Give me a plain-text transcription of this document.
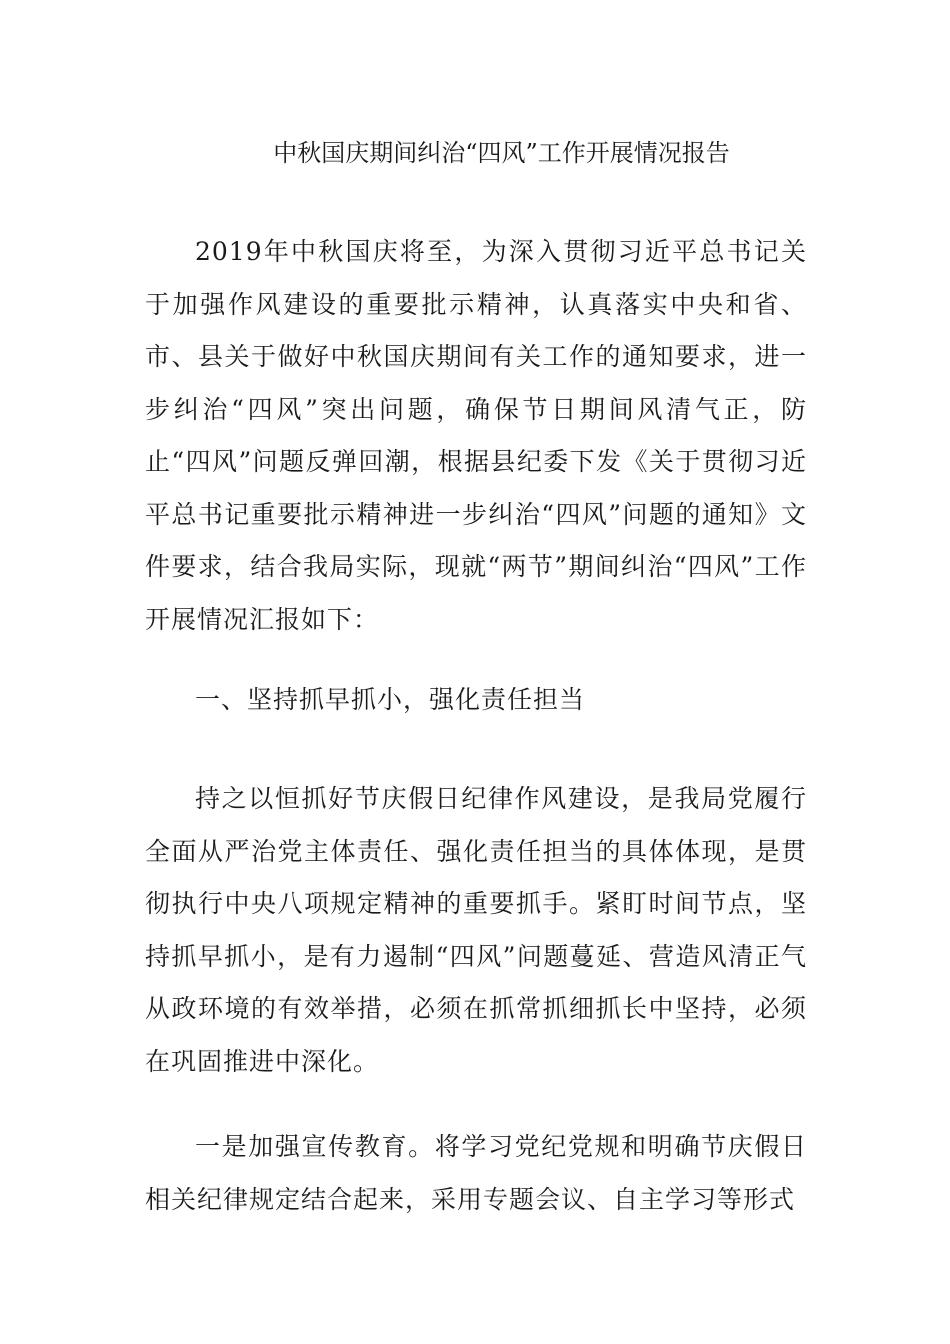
中秋国庆期间纠治“四风”工作开展情况报告
2019年中秋国庆将至，为深入贯彻习近平总书记关于加强作风建设的重要批示精神，认真落实中央和省、市、县关于做好中秋国庆期间有关工作的通知要求，进一步纠治“四风”突出问题，确保节日期间风清气正，防止“四风”问题反弹回潮，根据县纪委下发《关于贯彻习近平总书记重要批示精神进一步纠治“四风”问题的通知》文件要求，结合我局实际，现就“两节”期间纠治“四风”工作开展情况汇报如下：
一、坚持抓早抓小，强化责任担当
持之以恒抓好节庆假日纪律作风建设，是我局党履行全面从严治党主体责任、强化责任担当的具体体现，是贯彻执行中央八项规定精神的重要抓手。紧盯时间节点，坚持抓早抓小，是有力遏制“四风”问题蔓延、营造风清正气从政环境的有效举措，必须在抓常抓细抓长中坚持，必须在巩固推进中深化。
一是加强宣传教育。将学习党纪党规和明确节庆假日相关纪律规定结合起来，采用专题会议、自主学习等形式
